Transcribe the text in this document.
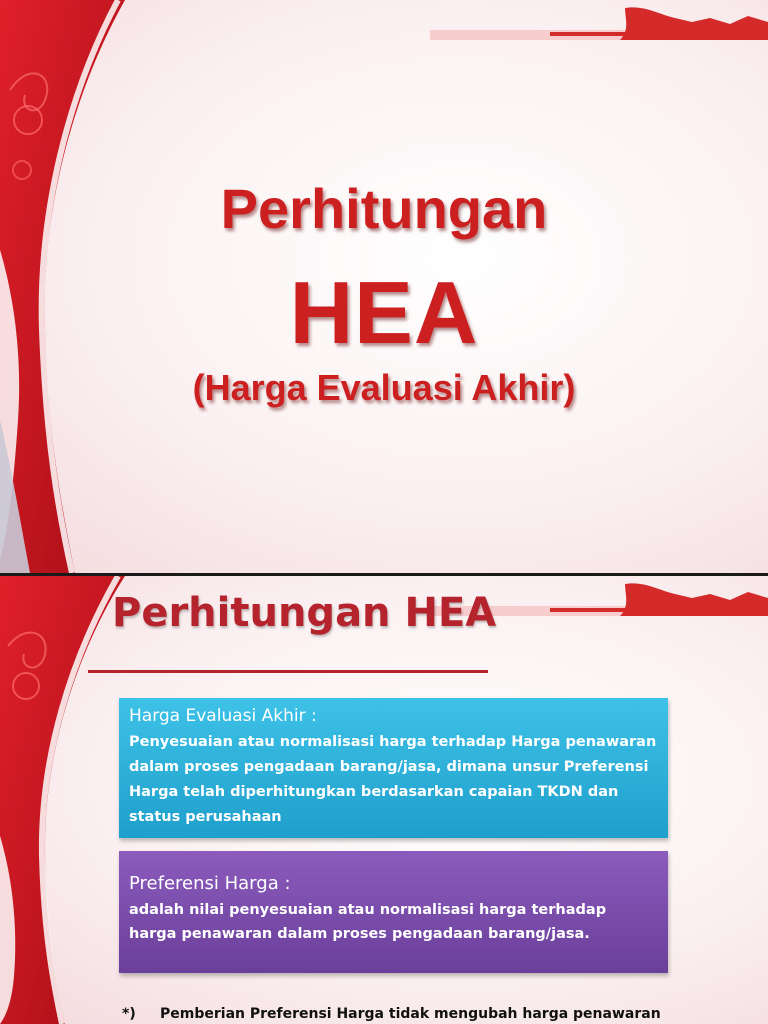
Perhitungan
HEA
(Harga Evaluasi Akhir)
Perhitungan HEA

Harga Evaluasi Akhir :

Penyesuaian atau normalisasi harga terhadap Harga penawaran dalam proses pengadaan barang/jasa, dimana unsur Preferensi Harga telah diperhitungkan berdasarkan capaian TKDN dan status perusahaan

Preferensi Harga :

adalah nilai penyesuaian atau normalisasi harga terhadap harga penawaran dalam proses pengadaan barang/jasa.

*) Pemberian Preferensi Harga tidak mengubah harga penawaran
